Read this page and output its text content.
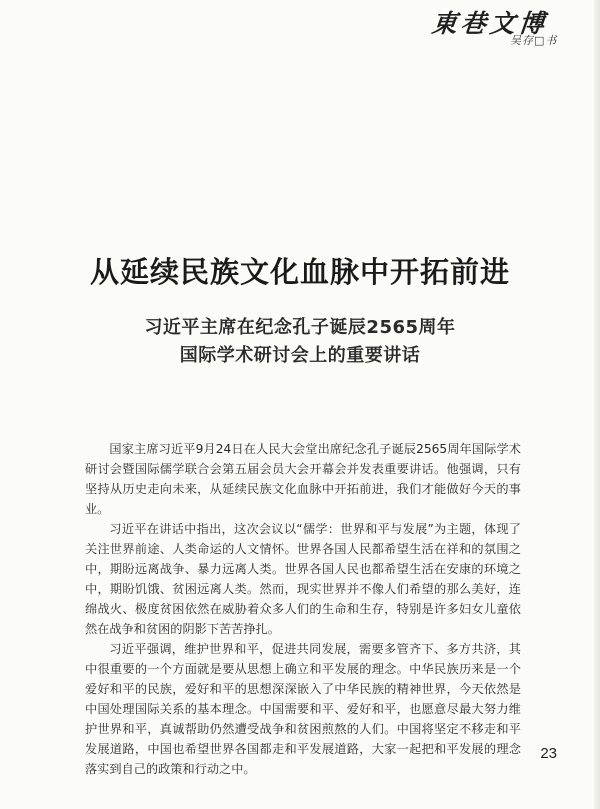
東巷文博
吴存□书
从延续民族文化血脉中开拓前进
习近平主席在纪念孔子诞辰2565周年
国际学术研讨会上的重要讲话

国家主席习近平9月24日在人民大会堂出席纪念孔子诞辰2565周年国际学术研讨会暨国际儒学联合会第五届会员大会开幕会并发表重要讲话。他强调，只有坚持从历史走向未来，从延续民族文化血脉中开拓前进，我们才能做好今天的事业。

习近平在讲话中指出，这次会议以“儒学：世界和平与发展”为主题，体现了关注世界前途、人类命运的人文情怀。世界各国人民都希望生活在祥和的氛围之中，期盼远离战争、暴力远离人类。世界各国人民也都希望生活在安康的环境之中，期盼饥饿、贫困远离人类。然而，现实世界并不像人们希望的那么美好，连绵战火、极度贫困依然在威胁着众多人们的生命和生存，特别是许多妇女儿童依然在战争和贫困的阴影下苦苦挣扎。

习近平强调，维护世界和平，促进共同发展，需要多管齐下、多方共济，其中很重要的一个方面就是要从思想上确立和平发展的理念。中华民族历来是一个爱好和平的民族，爱好和平的思想深深嵌入了中华民族的精神世界，今天依然是中国处理国际关系的基本理念。中国需要和平、爱好和平，也愿意尽最大努力维护世界和平，真诚帮助仍然遭受战争和贫困煎熬的人们。中国将坚定不移走和平发展道路，中国也希望世界各国都走和平发展道路，大家一起把和平发展的理念落实到自己的政策和行动之中。

23
